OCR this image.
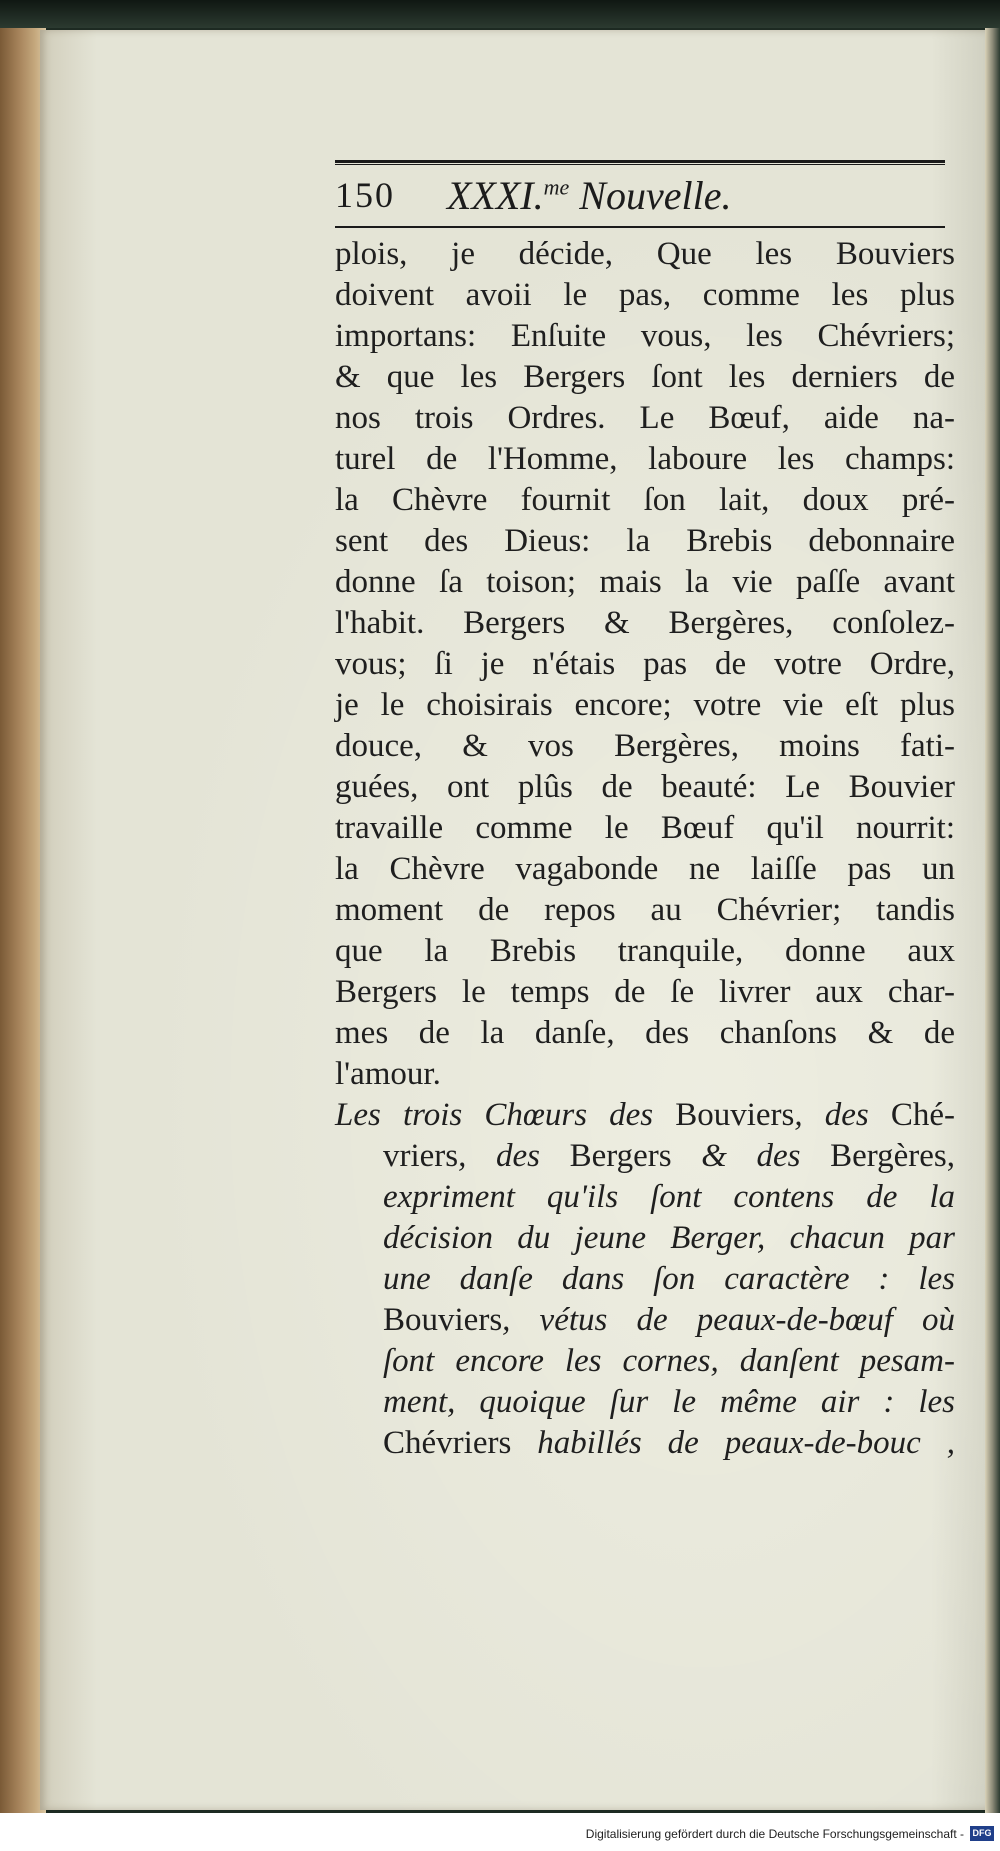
150 XXXI.$^{me}$ Nouvelle.
plois, je décide, Que les Bouviers
doivent avoii le pas, comme les plus
importans: Enſuite vous, les Chévriers;
& que les Bergers ſont les derniers de
nos trois Ordres. Le Bœuf, aide na-
turel de l'Homme, laboure les champs:
la Chèvre fournit ſon lait, doux pré-
sent des Dieus: la Brebis debonnaire
donne ſa toison; mais la vie paſſe avant
l'habit. Bergers & Bergères, conſolez-
vous; ſi je n'étais pas de votre Ordre,
je le choisirais encore; votre vie eſt plus
douce, & vos Bergères, moins fati-
guées, ont plûs de beauté: Le Bouvier
travaille comme le Bœuf qu'il nourrit:
la Chèvre vagabonde ne laiſſe pas un
moment de repos au Chévrier; tandis
que la Brebis tranquile, donne aux
Bergers le temps de ſe livrer aux char-
mes de la danſe, des chanſons & de
l'amour.
Les trois Chœurs des Bouviers, des Ché-
vriers, des Bergers & des Bergères,
expriment qu'ils ſont contens de la
décision du jeune Berger, chacun par
une danſe dans ſon caractère : les
Bouviers, vétus de peaux-de-bœuf où
ſont encore les cornes, danſent pesam-
ment, quoique ſur le même air : les
Chévriers habillés de peaux-de-bouc ,
Digitalisierung gefördert durch die Deutsche Forschungsgemeinschaft - DFG
